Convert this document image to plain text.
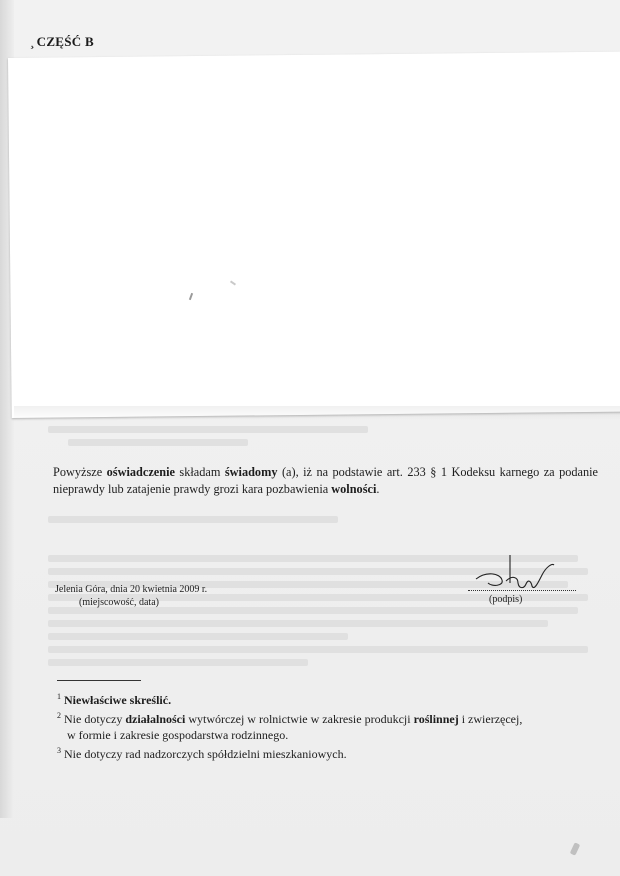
¸ CZĘŚĆ B
Powyższe oświadczenie składam świadomy (a), iż na podstawie art. 233 § 1 Kodeksu karnego za podanie nieprawdy lub zatajenie prawdy grozi kara pozbawienia wolności.
Jelenia Góra, dnia 20 kwietnia 2009 r.
(miejscowość, data)	(podpis)

$^1$ Niewłaściwe skreślić.

$^2$ Nie dotyczy działalności wytwórczej w rolnictwie w zakresie produkcji roślinnej i zwierzęcej,
w formie i zakresie gospodarstwa rodzinnego.

$^3$ Nie dotyczy rad nadzorczych spółdzielni mieszkaniowych.
